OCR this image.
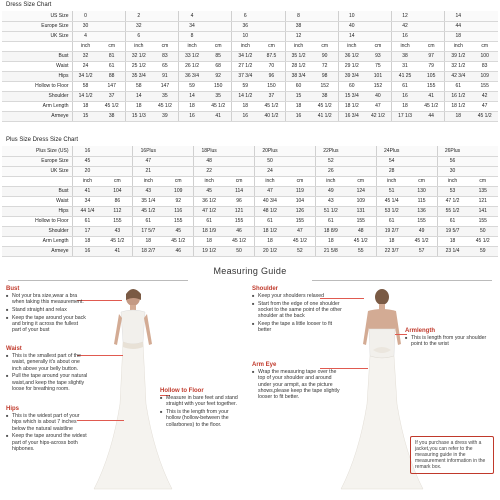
Dress Size Chart
US Size	0		2		4		6		8		10		12		14	
Europe Size	30		32		34		36		38		40		42		44	
UK Size	4		6		8		10		12		14		16		18	
	inch	cm	inch	cm	inch	cm	inch	cm	inch	cm	inch	cm	inch	cm	inch	cm
Bust	32	81	32 1/2	83	33 1/2	85	34 1/2	87.5	35 1/2	90	36 1/2	93	38	97	39 1/2	100
Waist	24	61	25 1/2	65	26 1/2	68	27 1/2	70	28 1/2	72	29 1/2	75	31	79	32 1/2	83
Hips	34 1/2	88	35 3/4	91	36 3/4	92	37 3/4	96	38 3/4	98	39 3/4	101	41 25	105	42 3/4	109
Hollow to Floor	58	147	58	147	59	150	59	150	60	152	60	152	61	155	61	155
Shoulder	14 1/2	37	14	35	14	35	14 1/2	37	15	38	15 3/4	40	16	41	16 1/2	42
Arm Length	18	45 1/2	18	45 1/2	18	45 1/2	18	45 1/2	18	45 1/2	18 1/2	47	18	45 1/2	18 1/2	47
Armeye	15	38	15 1/3	39	16	41	16	40 1/2	16	41 1/2	16 3/4	42 1/2	17 1/3	44	18	45 1/2
Plus Size Dress Size Chart
Plus Size (US)	16		16Plus		18Plus		20Plus		22Plus		24Plus		26Plus	
Europe Size	45		47		48		50		52		54		56	
UK Size	20		21		22		24		26		28		30	
	inch	cm	inch	cm	inch	cm	inch	cm	inch	cm	inch	cm	inch	cm
Bust	41	104	43	109	45	114	47	119	49	124	51	130	53	135
Waist	34	86	35 1/4	92	36 1/2	96	40 3/4	104	43	109	45 1/4	115	47 1/2	121
Hips	44 1/4	112	45 1/2	116	47 1/2	121	48 1/2	126	51 1/2	131	53 1/2	136	55 1/2	141
Hollow to Floor	61	155	61	155	61	155	61	155	61	155	61	155	61	155
Shoulder	17	43	17 5/7	45	18 1/9	46	18 1/2	47	18 8/9	48	19 2/7	49	19 5/7	50
Arm Length	18	45 1/2	18	45 1/2	18	45 1/2	18	45 1/2	18	45 1/2	18	45 1/2	18	45 1/2
Armeye	16	41	18 2/7	46	19 1/2	50	20 1/2	52	21 5/8	55	22 3/7	57	23 1/4	59
Measuring Guide
Bust
■ Not your bra size,wear a bra when taking this measurement.
■ Stand straight and relax
■ Keep the tape around your back and bring it across the fullest part of your bust
Waist
■ This is the smallest part of the waist, generally it's about one inch above your belly button.
■ Pull the tape around your natural waist,and keep the tape slightly loose for breathing room.
Hips
■ This is the widest part of your hips which is about 7 inches below the natural waistline
■ Keep the tape around the widest part of your hips-across both hipbones.
Hollow to Floor
■ Measure in bare feet and stand straight with your feet together.
■ This is the length from your hollow (hollow-between the collarbones) to the floor.
Shoulder
■ Keep your shoulders relaxed
■ Start from the edge of one shoulder socket to the same point of the other shoulder at the back
■ Keep the tape a little looser to fit better	Armlength
■ This is length from your shoulder point to the wrist
Arm Eye
■ Wrap the measuring tape over the top of your shoulder and around under your armpit, as the picture shows,please keep the tape slightly looser to fit better.
If you purchase a dress with a jacket,you can refer to the measuring guide in the measurement information in the remark box.
